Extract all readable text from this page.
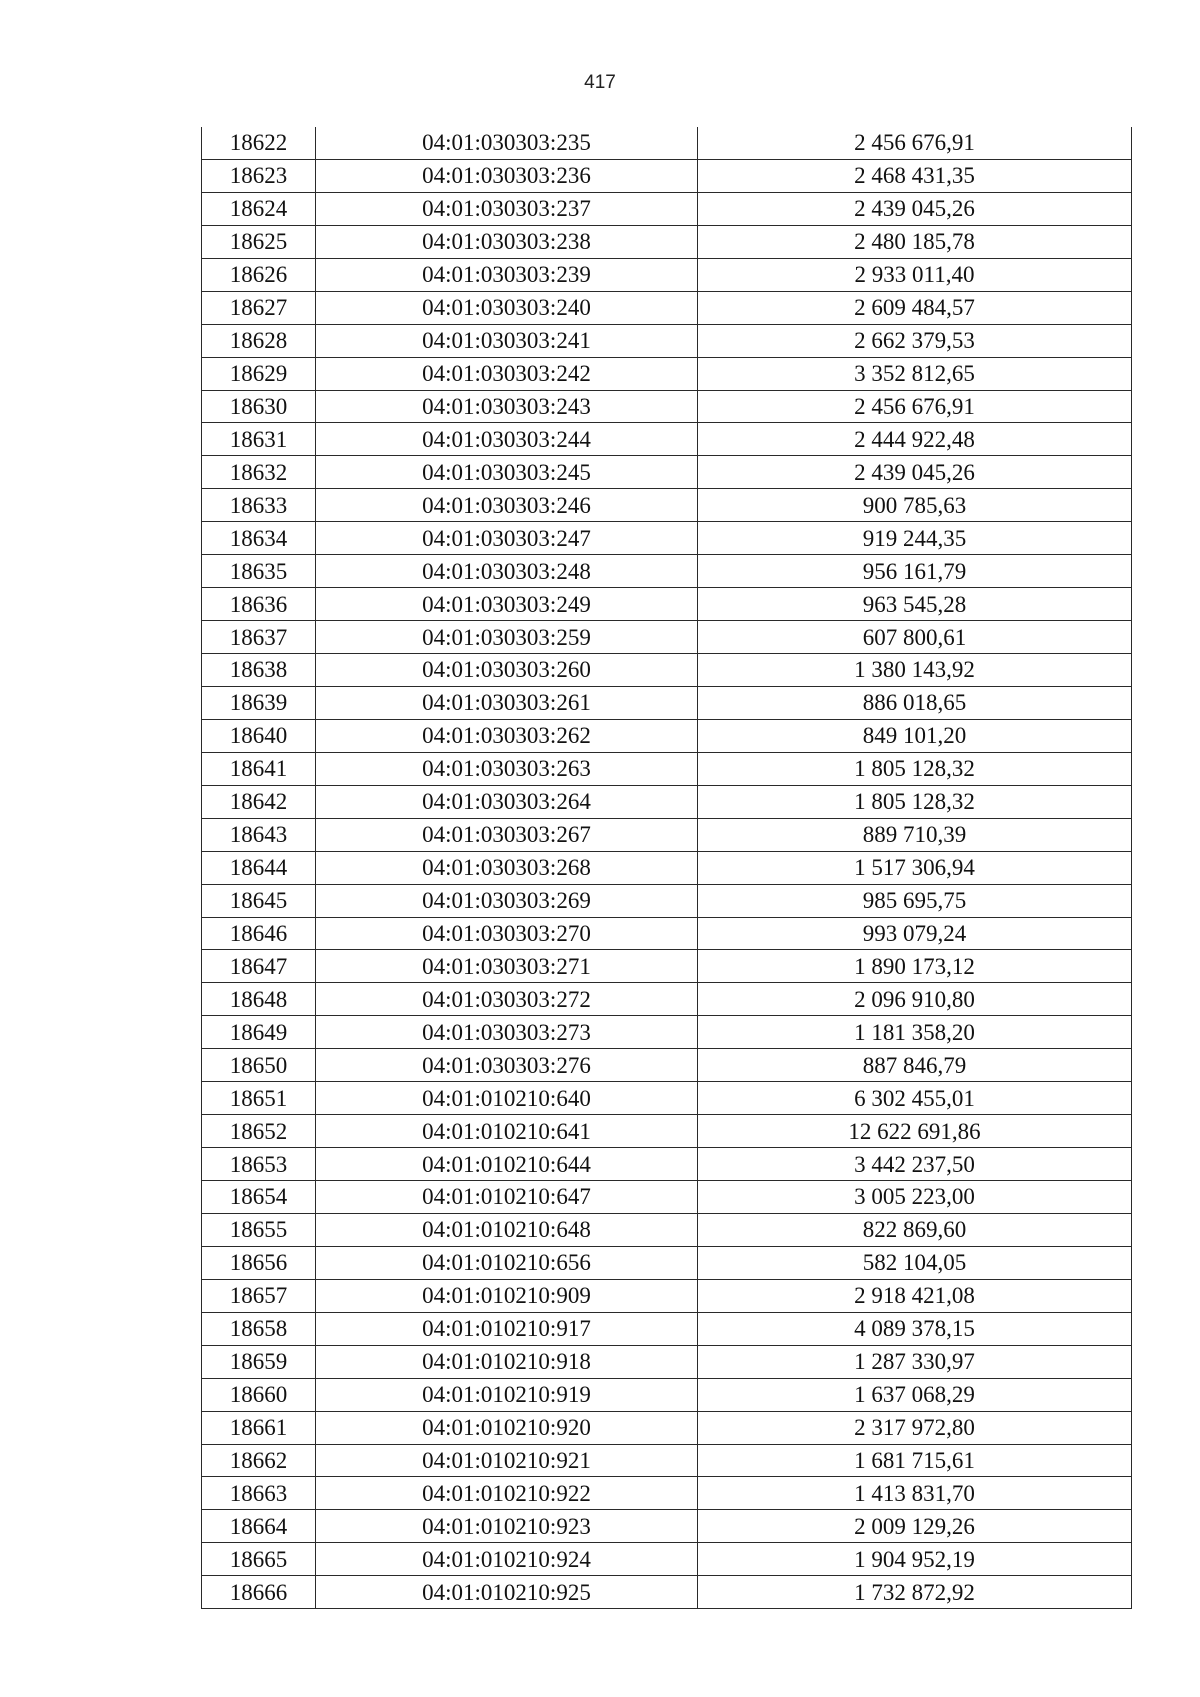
417
18622	04:01:030303:235	2 456 676,91
18623	04:01:030303:236	2 468 431,35
18624	04:01:030303:237	2 439 045,26
18625	04:01:030303:238	2 480 185,78
18626	04:01:030303:239	2 933 011,40
18627	04:01:030303:240	2 609 484,57
18628	04:01:030303:241	2 662 379,53
18629	04:01:030303:242	3 352 812,65
18630	04:01:030303:243	2 456 676,91
18631	04:01:030303:244	2 444 922,48
18632	04:01:030303:245	2 439 045,26
18633	04:01:030303:246	900 785,63
18634	04:01:030303:247	919 244,35
18635	04:01:030303:248	956 161,79
18636	04:01:030303:249	963 545,28
18637	04:01:030303:259	607 800,61
18638	04:01:030303:260	1 380 143,92
18639	04:01:030303:261	886 018,65
18640	04:01:030303:262	849 101,20
18641	04:01:030303:263	1 805 128,32
18642	04:01:030303:264	1 805 128,32
18643	04:01:030303:267	889 710,39
18644	04:01:030303:268	1 517 306,94
18645	04:01:030303:269	985 695,75
18646	04:01:030303:270	993 079,24
18647	04:01:030303:271	1 890 173,12
18648	04:01:030303:272	2 096 910,80
18649	04:01:030303:273	1 181 358,20
18650	04:01:030303:276	887 846,79
18651	04:01:010210:640	6 302 455,01
18652	04:01:010210:641	12 622 691,86
18653	04:01:010210:644	3 442 237,50
18654	04:01:010210:647	3 005 223,00
18655	04:01:010210:648	822 869,60
18656	04:01:010210:656	582 104,05
18657	04:01:010210:909	2 918 421,08
18658	04:01:010210:917	4 089 378,15
18659	04:01:010210:918	1 287 330,97
18660	04:01:010210:919	1 637 068,29
18661	04:01:010210:920	2 317 972,80
18662	04:01:010210:921	1 681 715,61
18663	04:01:010210:922	1 413 831,70
18664	04:01:010210:923	2 009 129,26
18665	04:01:010210:924	1 904 952,19
18666	04:01:010210:925	1 732 872,92
